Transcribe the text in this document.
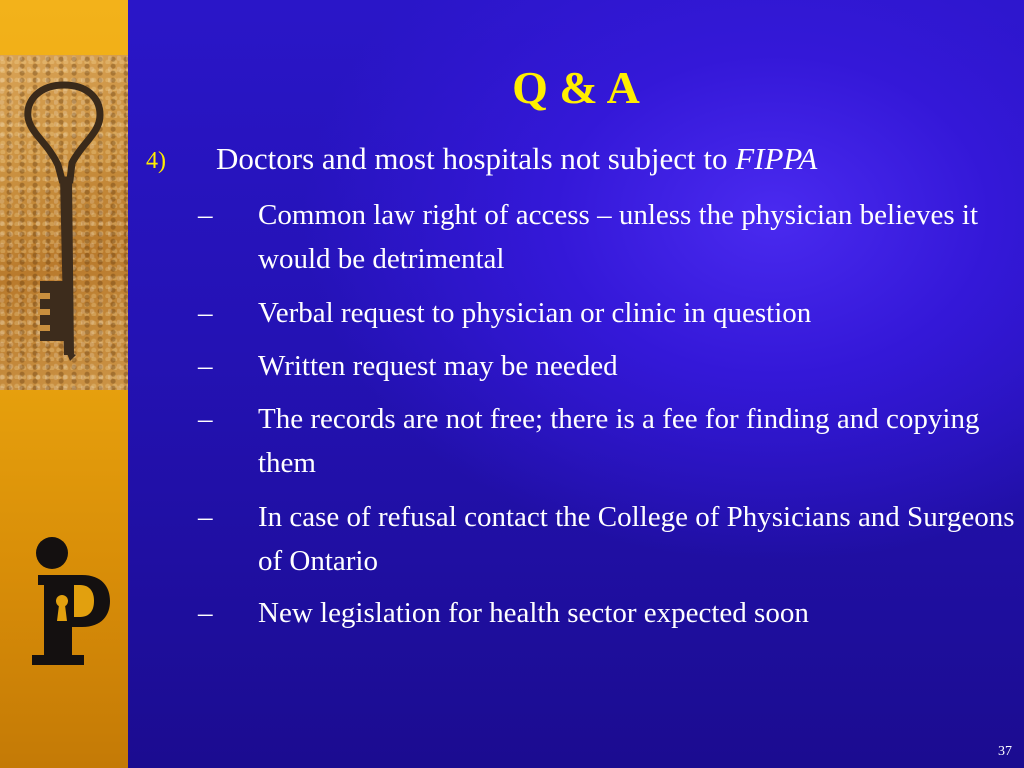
Q & A
4) Doctors and most hospitals not subject to FIPPA
– Common law right of access – unless the physician believes it would be detrimental
– Verbal request to physician or clinic in question
– Written request may be needed
– The records are not free; there is a fee for finding and copying them
– In case of refusal contact the College of Physicians and Surgeons of Ontario
– New legislation for health sector expected soon
37
